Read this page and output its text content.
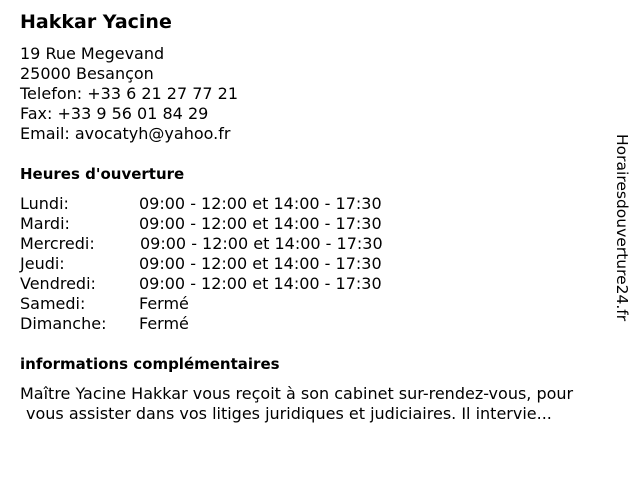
Hakkar Yacine
19 Rue Megevand
25000 Besançon
Telefon: +33 6 21 27 77 21
Fax: +33 9 56 01 84 29
Email: avocatyh@yahoo.fr
Heures d'ouverture
Lundi:	09:00 - 12:00 et 14:00 - 17:30
Mardi:	09:00 - 12:00 et 14:00 - 17:30
Mercredi:	09:00 - 12:00 et 14:00 - 17:30
Jeudi:	09:00 - 12:00 et 14:00 - 17:30
Vendredi:	09:00 - 12:00 et 14:00 - 17:30
Samedi:	Fermé
Dimanche: Fermé
informations complémentaires
Maître Yacine Hakkar vous reçoit à son cabinet sur-rendez-vous, pour
vous assister dans vos litiges juridiques et judiciaires. Il intervie...
Horairesdouverture24.fr
